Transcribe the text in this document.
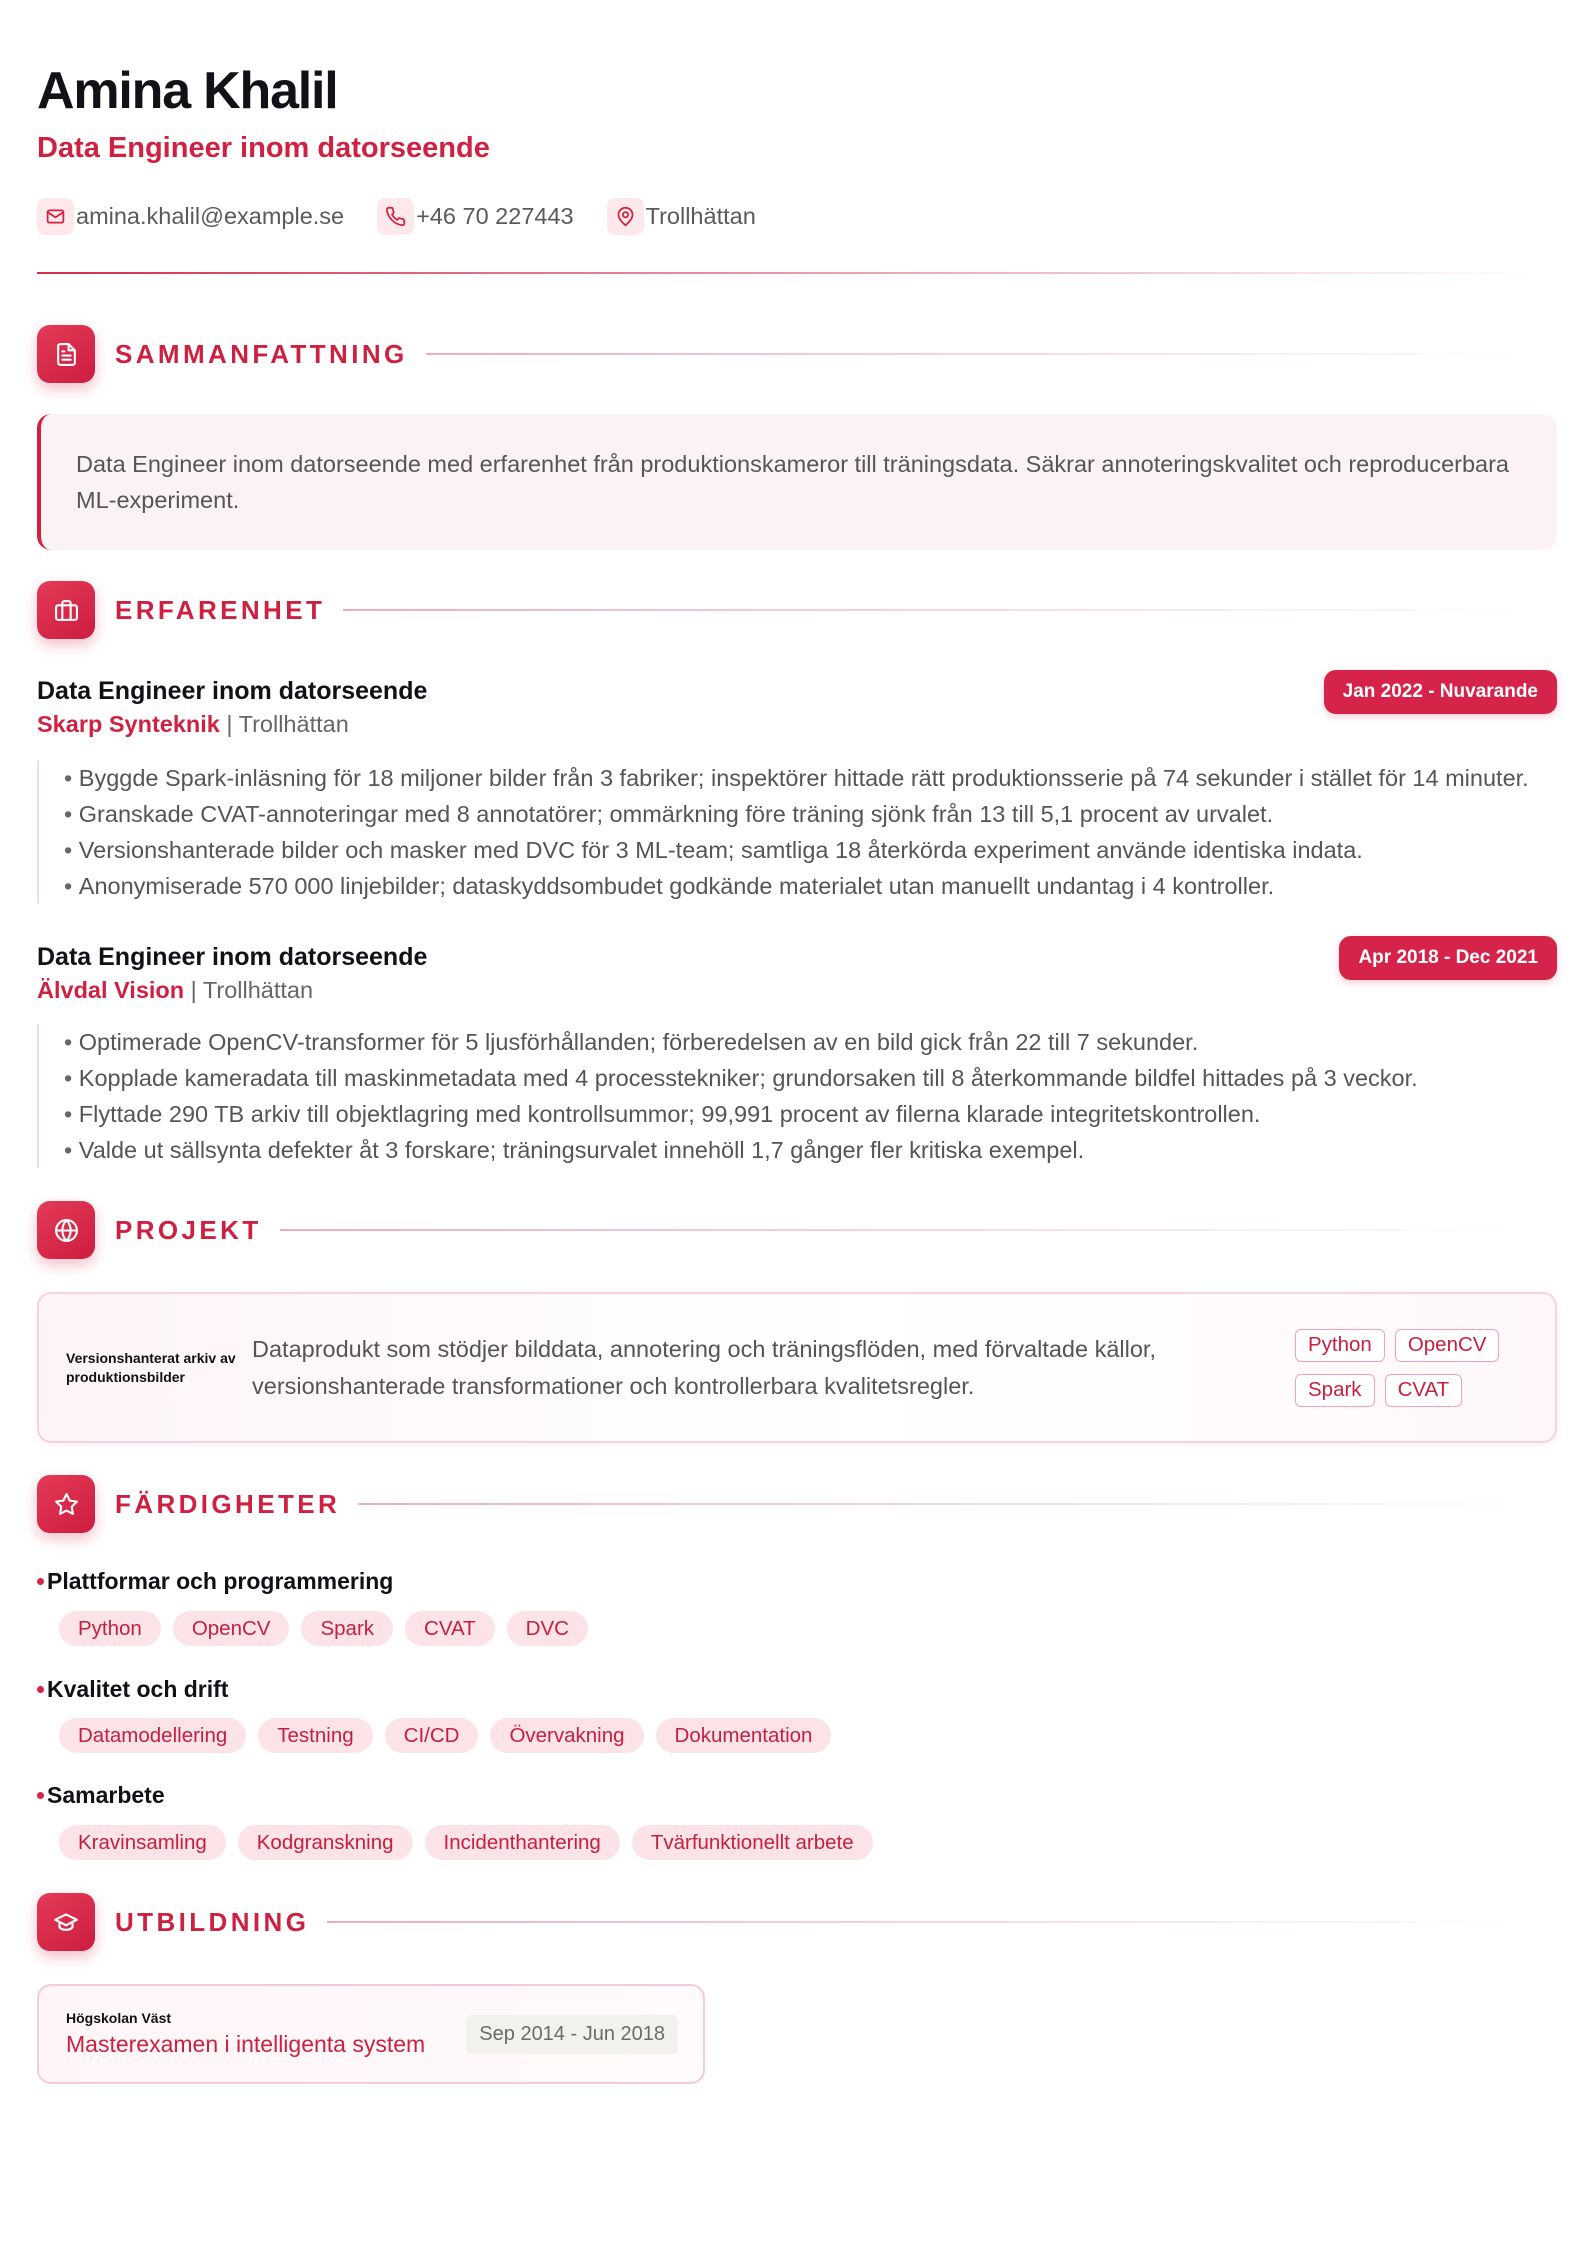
Amina Khalil
Data Engineer inom datorseende
amina.khalil@example.se	+46 70 227443	Trollhättan
SAMMANFATTNING
Data Engineer inom datorseende med erfarenhet från produktionskameror till träningsdata. Säkrar annoteringskvalitet och reproducerbara ML-experiment.
ERFARENHET
Data Engineer inom datorseende
Skarp Synteknik | Trollhättan
Jan 2022 - Nuvarande
• Byggde Spark-inläsning för 18 miljoner bilder från 3 fabriker; inspektörer hittade rätt produktionsserie på 74 sekunder i stället för 14 minuter.
• Granskade CVAT-annoteringar med 8 annotatörer; ommärkning före träning sjönk från 13 till 5,1 procent av urvalet.
• Versionshanterade bilder och masker med DVC för 3 ML-team; samtliga 18 återkörda experiment använde identiska indata.
• Anonymiserade 570 000 linjebilder; dataskyddsombudet godkände materialet utan manuellt undantag i 4 kontroller.
Data Engineer inom datorseende
Älvdal Vision | Trollhättan
Apr 2018 - Dec 2021
• Optimerade OpenCV-transformer för 5 ljusförhållanden; förberedelsen av en bild gick från 22 till 7 sekunder.
• Kopplade kameradata till maskinmetadata med 4 processtekniker; grundorsaken till 8 återkommande bildfel hittades på 3 veckor.
• Flyttade 290 TB arkiv till objektlagring med kontrollsummor; 99,991 procent av filerna klarade integritetskontrollen.
• Valde ut sällsynta defekter åt 3 forskare; träningsurvalet innehöll 1,7 gånger fler kritiska exempel.
PROJEKT
Versionshanterat arkiv av produktionsbilder
Dataprodukt som stödjer bilddata, annotering och träningsflöden, med förvaltade källor, versionshanterade transformationer och kontrollerbara kvalitetsregler.
Python	OpenCV
Spark	CVAT
FÄRDIGHETER
Plattformar och programmering
Python	OpenCV	Spark	CVAT	DVC
Kvalitet och drift
Datamodellering	Testning	CI/CD	Övervakning	Dokumentation
Samarbete
Kravinsamling	Kodgranskning	Incidenthantering	Tvärfunktionellt arbete
UTBILDNING
Högskolan Väst
Masterexamen i intelligenta system	Sep 2014 - Jun 2018
